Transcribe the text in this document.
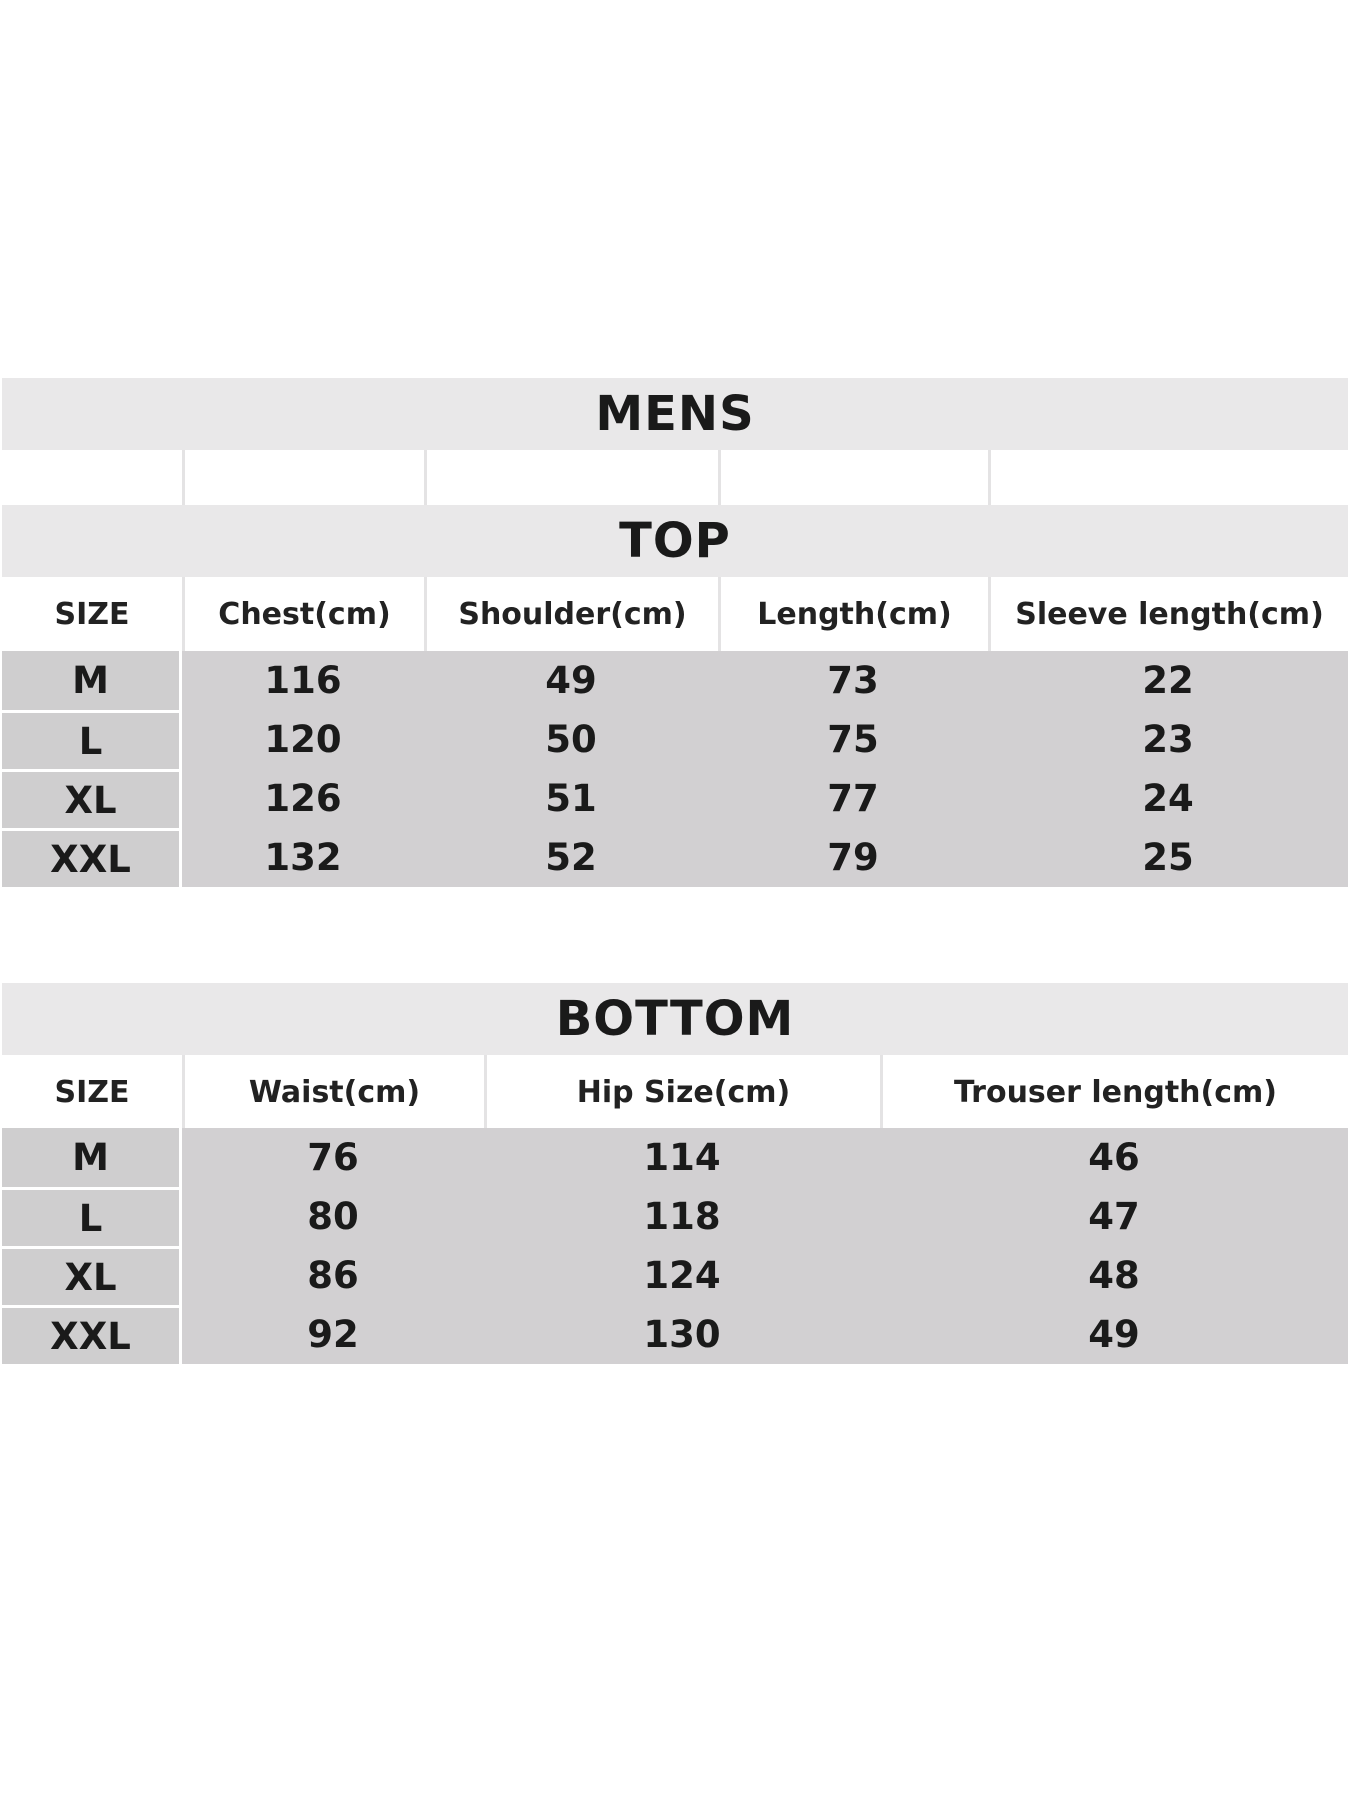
MENS
TOP
SIZE	Chest(cm)	Shoulder(cm)	Length(cm)	Sleeve length(cm)
M	116	49	73	22
L	120	50	75	23
XL	126	51	77	24
XXL	132	52	79	25
BOTTOM
SIZE	Waist(cm)	Hip Size(cm)	Trouser length(cm)
M	76	114	46
L	80	118	47
XL	86	124	48
XXL	92	130	49
